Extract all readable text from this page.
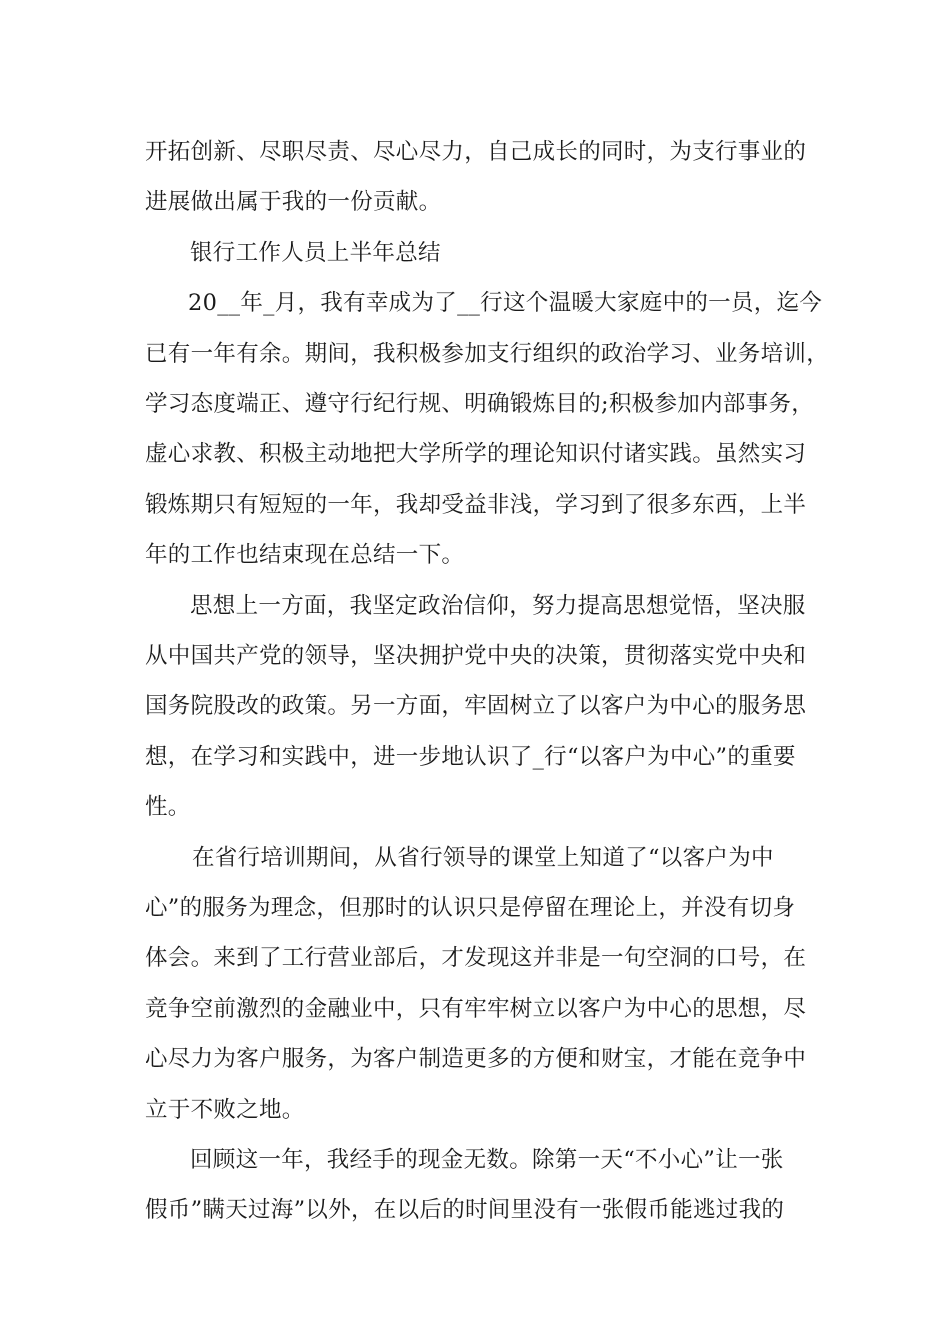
开拓创新、尽职尽责、尽心尽力，自己成长的同时，为支行事业的
进展做出属于我的一份贡献。
银行工作人员上半年总结
20__年_月，我有幸成为了__行这个温暖大家庭中的一员，迄今
已有一年有余。期间，我积极参加支行组织的政治学习、业务培训，
学习态度端正、遵守行纪行规、明确锻炼目的;积极参加内部事务，
虚心求教、积极主动地把大学所学的理论知识付诸实践。虽然实习
锻炼期只有短短的一年，我却受益非浅，学习到了很多东西，上半
年的工作也结束现在总结一下。
思想上一方面，我坚定政治信仰，努力提高思想觉悟，坚决服
从中国共产党的领导，坚决拥护党中央的决策，贯彻落实党中央和
国务院股改的政策。另一方面，牢固树立了以客户为中心的服务思
想，在学习和实践中，进一步地认识了_行“以客户为中心”的重要
性。
在省行培训期间，从省行领导的课堂上知道了“以客户为中
心”的服务为理念，但那时的认识只是停留在理论上，并没有切身
体会。来到了工行营业部后，才发现这并非是一句空洞的口号，在
竞争空前激烈的金融业中，只有牢牢树立以客户为中心的思想，尽
心尽力为客户服务，为客户制造更多的方便和财宝，才能在竞争中
立于不败之地。
回顾这一年，我经手的现金无数。除第一天“不小心”让一张
假币”瞒天过海”以外，在以后的时间里没有一张假币能逃过我的
